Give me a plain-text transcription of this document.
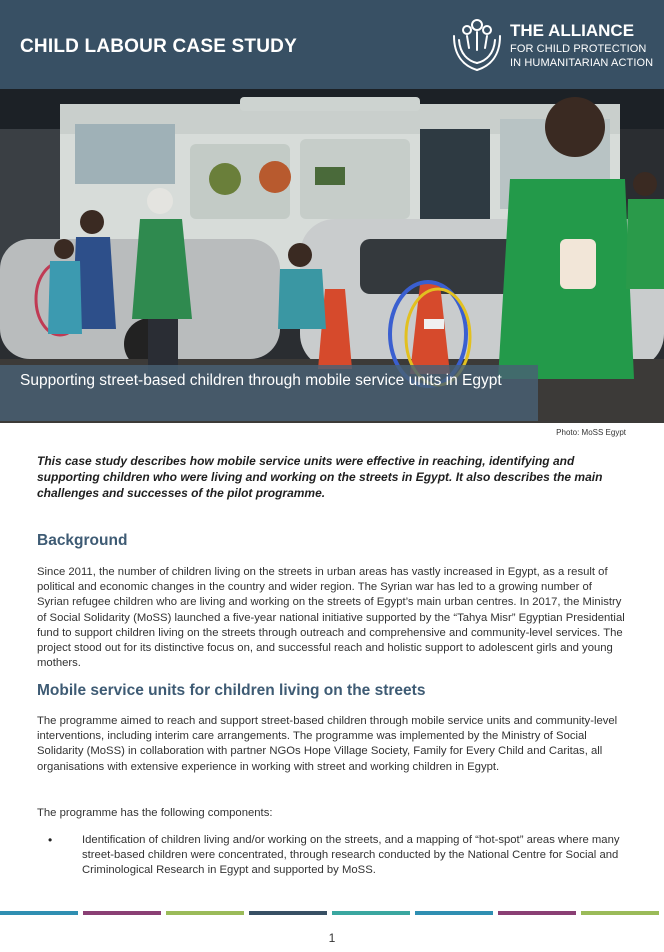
CHILD LABOUR CASE STUDY
THE ALLIANCE
FOR CHILD PROTECTION
IN HUMANITARIAN ACTION
Supporting street-based children through mobile service units in Egypt
Photo: MoSS Egypt
This case study describes how mobile service units were effective in reaching, identifying and supporting children who were living and working on the streets in Egypt. It also describes the main challenges and successes of the pilot programme.
Background
Since 2011, the number of children living on the streets in urban areas has vastly increased in Egypt, as a result of political and economic changes in the country and wider region. The Syrian war has led to a growing number of Syrian refugee children who are living and working on the streets of Egypt’s main urban centres. In 2017, the Ministry of Social Solidarity (MoSS) launched a five-year national initiative supported by the “Tahya Misr” Egyptian Presidential fund to support children living on the streets through outreach and comprehensive and community-level services. The project stood out for its distinctive focus on, and successful reach and holistic support to adolescent girls and young mothers.
Mobile service units for children living on the streets
The programme aimed to reach and support street-based children through mobile service units and community-level interventions, including interim care arrangements. The programme was implemented by the Ministry of Social Solidarity (MoSS) in collaboration with partner NGOs Hope Village Society, Family for Every Child and Caritas, all organisations with extensive experience in working with street and working children in Egypt.
The programme has the following components:
•	Identification of children living and/or working on the streets, and a mapping of “hot-spot” areas where many street-based children were concentrated, through research conducted by the National Centre for Social and Criminological Research in Egypt and supported by MoSS.
1
